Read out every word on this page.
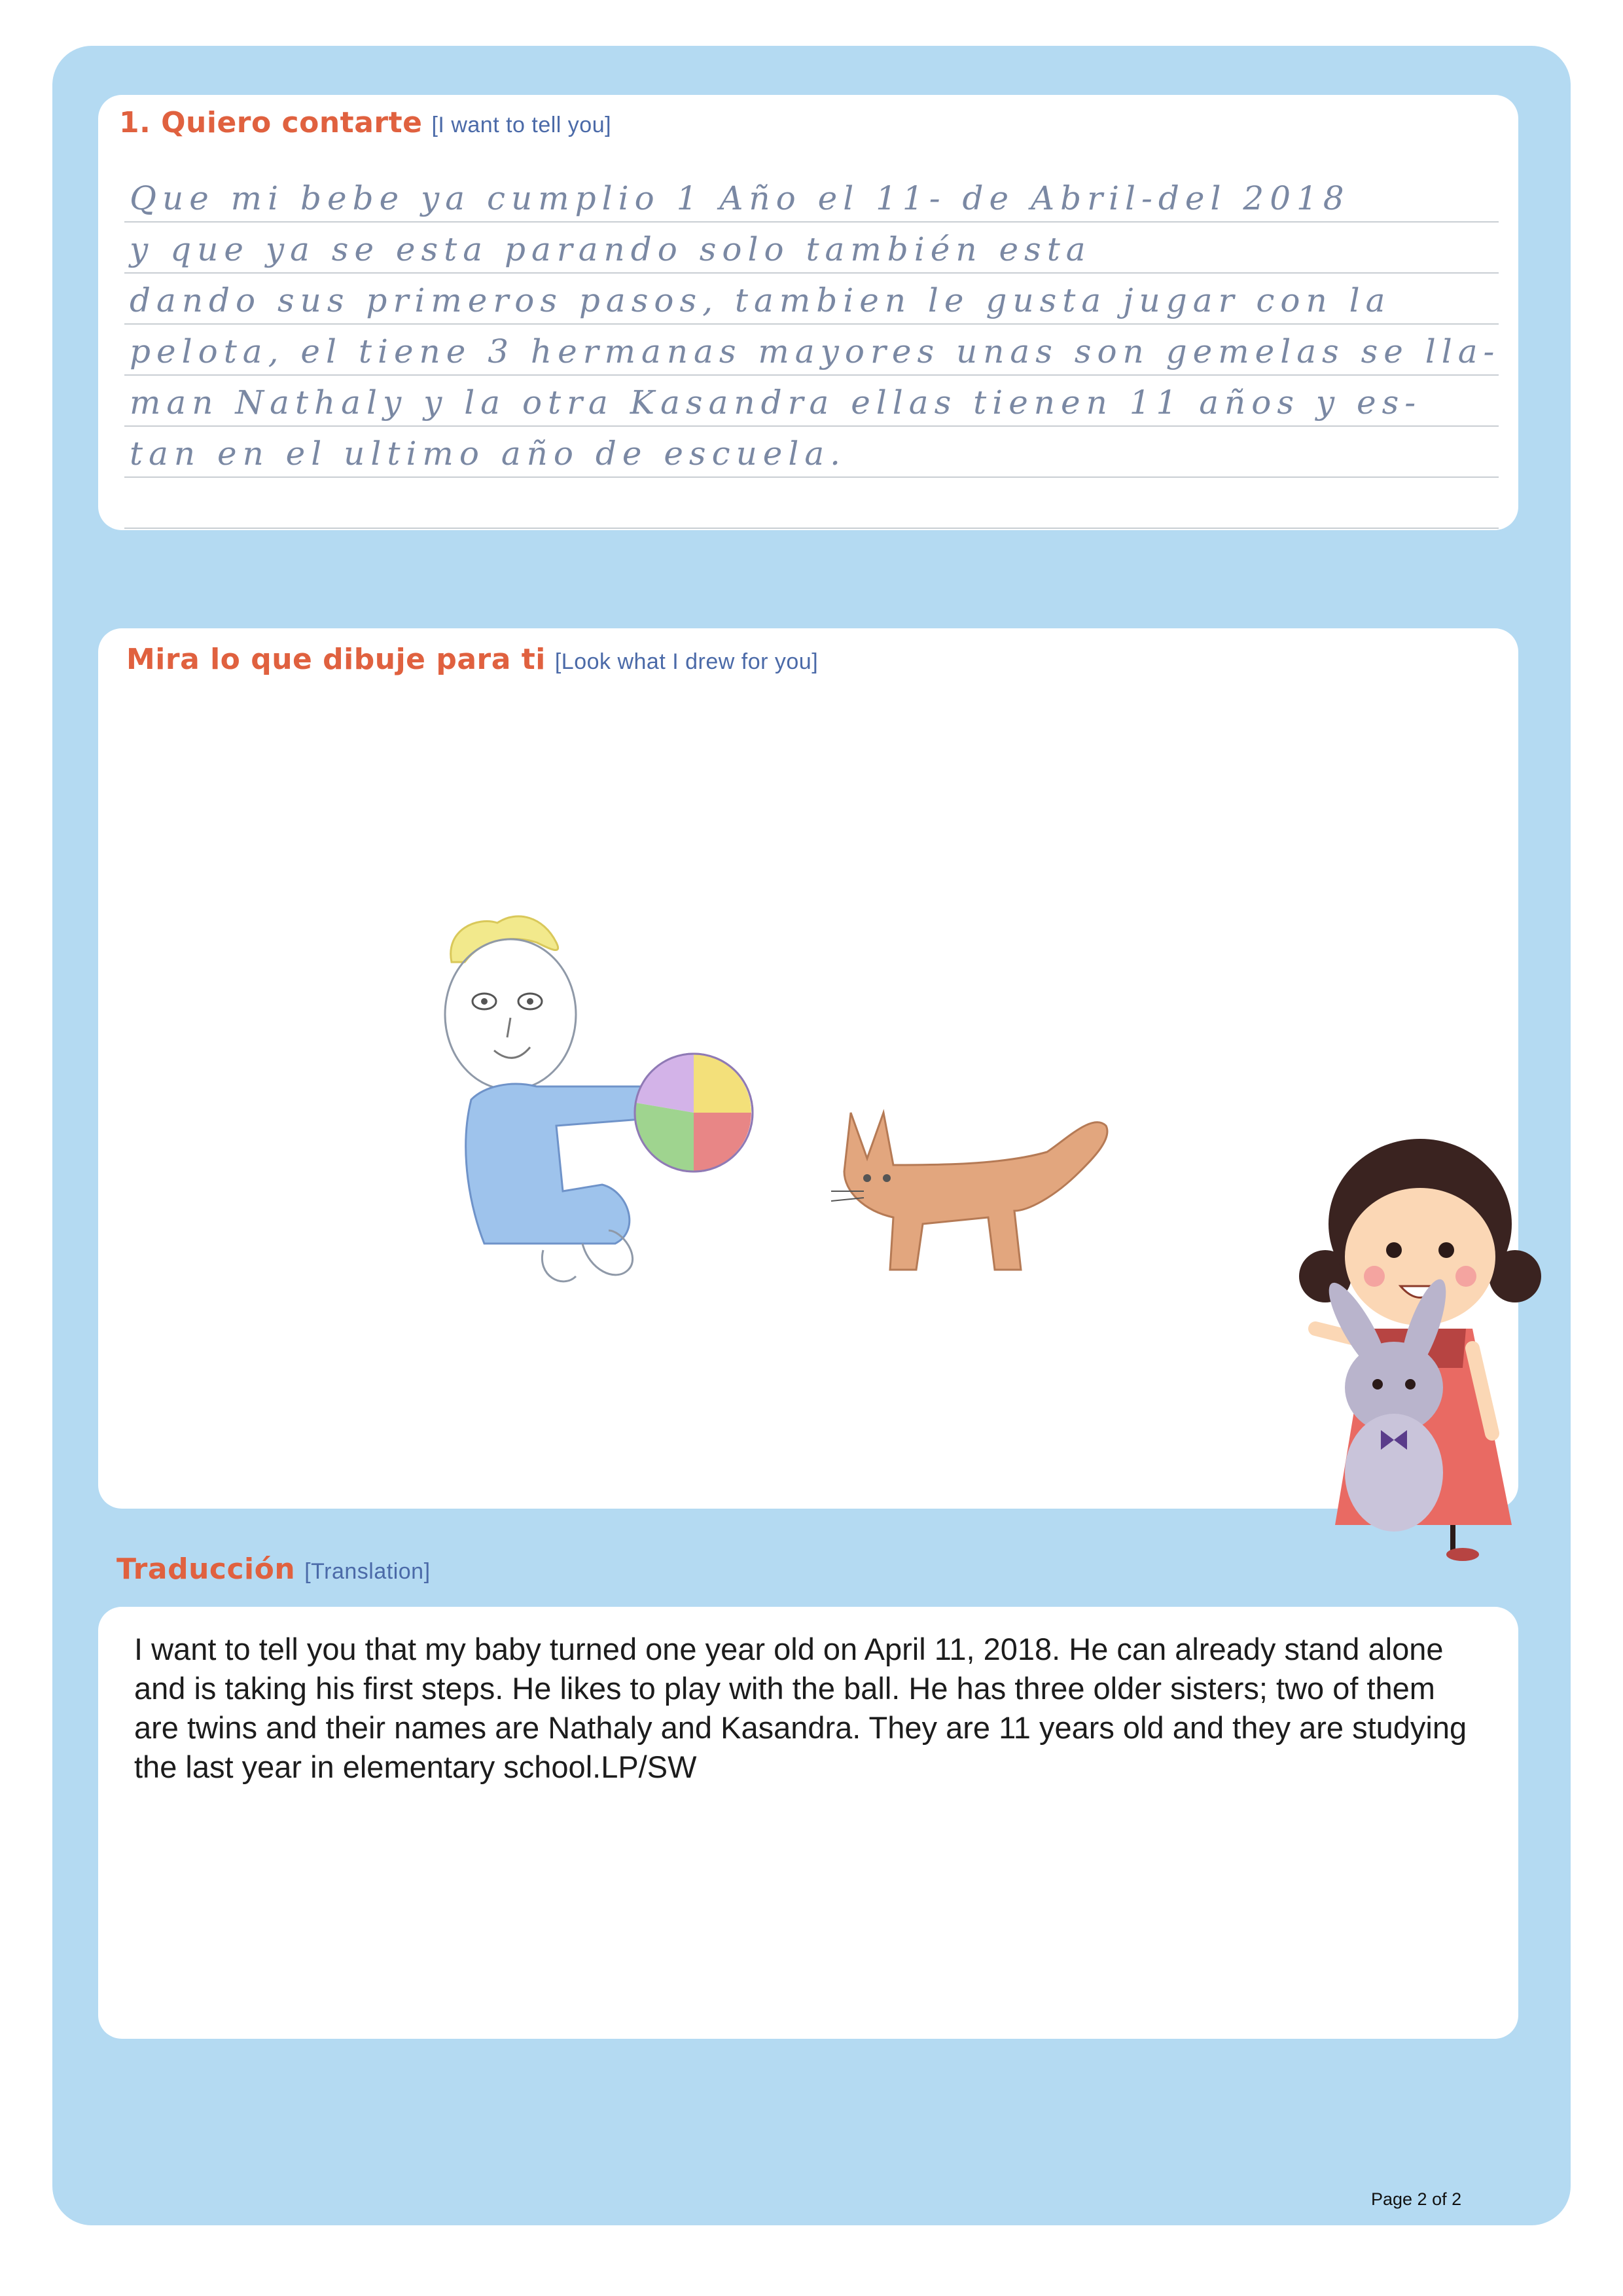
1. Quiero contarte [I want to tell you]
Que mi bebe ya cumplio 1 Año el 11- de Abril-del 2018
y que ya se esta parando solo también esta
dando sus primeros pasos, tambien le gusta jugar con la
pelota, el tiene 3 hermanas mayores unas son gemelas se lla-
man Nathaly y la otra Kasandra ellas tienen 11 años y es-
tan en el ultimo año de escuela.
Mira lo que dibuje para ti [Look what I drew for you]
Traducción [Translation]

I want to tell you that my baby turned one year old on April 11, 2018. He can already stand alone and is taking his first steps. He likes to play with the ball. He has three older sisters; two of them are twins and their names are Nathaly and Kasandra. They are 11 years old and they are studying the last year in elementary school.LP/SW

Page 2 of 2
